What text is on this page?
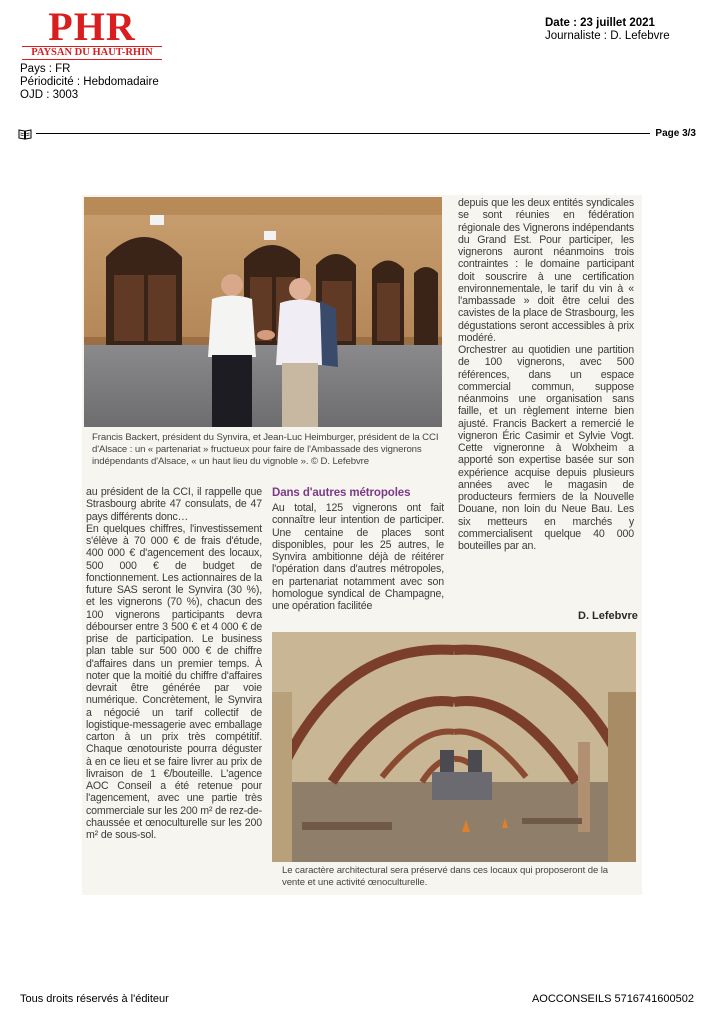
PHR
PAYSAN DU HAUT-RHIN
Pays : FR
Périodicité : Hebdomadaire
OJD : 3003
Date : 23 juillet 2021
Journaliste : D. Lefebvre
Page 3/3
Francis Backert, président du Synvira, et Jean-Luc Heimburger, président de la CCI d'Alsace : un « partenariat » fructueux pour faire de l'Ambassade des vignerons indépendants d'Alsace, « un haut lieu du vignoble ». © D. Lefebvre

au président de la CCI, il rappelle que Strasbourg abrite 47 consulats, de 47 pays différents donc…

En quelques chiffres, l'investissement s'élève à 70 000 € de frais d'étude, 400 000 € d'agencement des locaux, 500 000 € de budget de fonctionnement. Les actionnaires de la future SAS seront le Synvira (30 %), et les vignerons (70 %), chacun des 100 vignerons participants devra débourser entre 3 500 € et 4 000 € de prise de participation. Le business plan table sur 500 000 € de chiffre d'affaires dans un premier temps. À noter que la moitié du chiffre d'affaires devrait être générée par voie numérique. Concrètement, le Synvira a négocié un tarif collectif de logistique-messagerie avec emballage carton à un prix très compétitif. Chaque œnotouriste pourra déguster à en ce lieu et se faire livrer au prix de livraison de 1 €/bouteille. L'agence AOC Conseil a été retenue pour l'agencement, avec une partie très commerciale sur les 200 m² de rez-de-chaussée et œnoculturelle sur les 200 m² de sous-sol.

Dans d'autres métropoles

Au total, 125 vignerons ont fait connaître leur intention de participer. Une centaine de places sont disponibles, pour les 25 autres, le Synvira ambitionne déjà de réitérer l'opération dans d'autres métropoles, en partenariat notamment avec son homologue syndical de Champagne, une opération facilitée

depuis que les deux entités syndicales se sont réunies en fédération régionale des Vignerons indépendants du Grand Est. Pour participer, les vignerons auront néanmoins trois contraintes : le domaine participant doit souscrire à une certification environnementale, le tarif du vin à « l'ambassade » doit être celui des cavistes de la place de Strasbourg, les dégustations seront accessibles à prix modéré.

Orchestrer au quotidien une partition de 100 vignerons, avec 500 références, dans un espace commercial commun, suppose néanmoins une organisation sans faille, et un règlement interne bien ajusté. Francis Backert a remercié le vigneron Éric Casimir et Sylvie Vogt. Cette vigneronne à Wolxheim a apporté son expertise basée sur son expérience acquise depuis plusieurs années avec le magasin de producteurs fermiers de la Nouvelle Douane, non loin du Neue Bau. Les six metteurs en marchés y commercialisent quelque 40 000 bouteilles par an.

D. Lefebvre
Le caractère architectural sera préservé dans ces locaux qui proposeront de la vente et une activité œnoculturelle.
Tous droits réservés à l'éditeur	AOCCONSEILS 5716741600502
